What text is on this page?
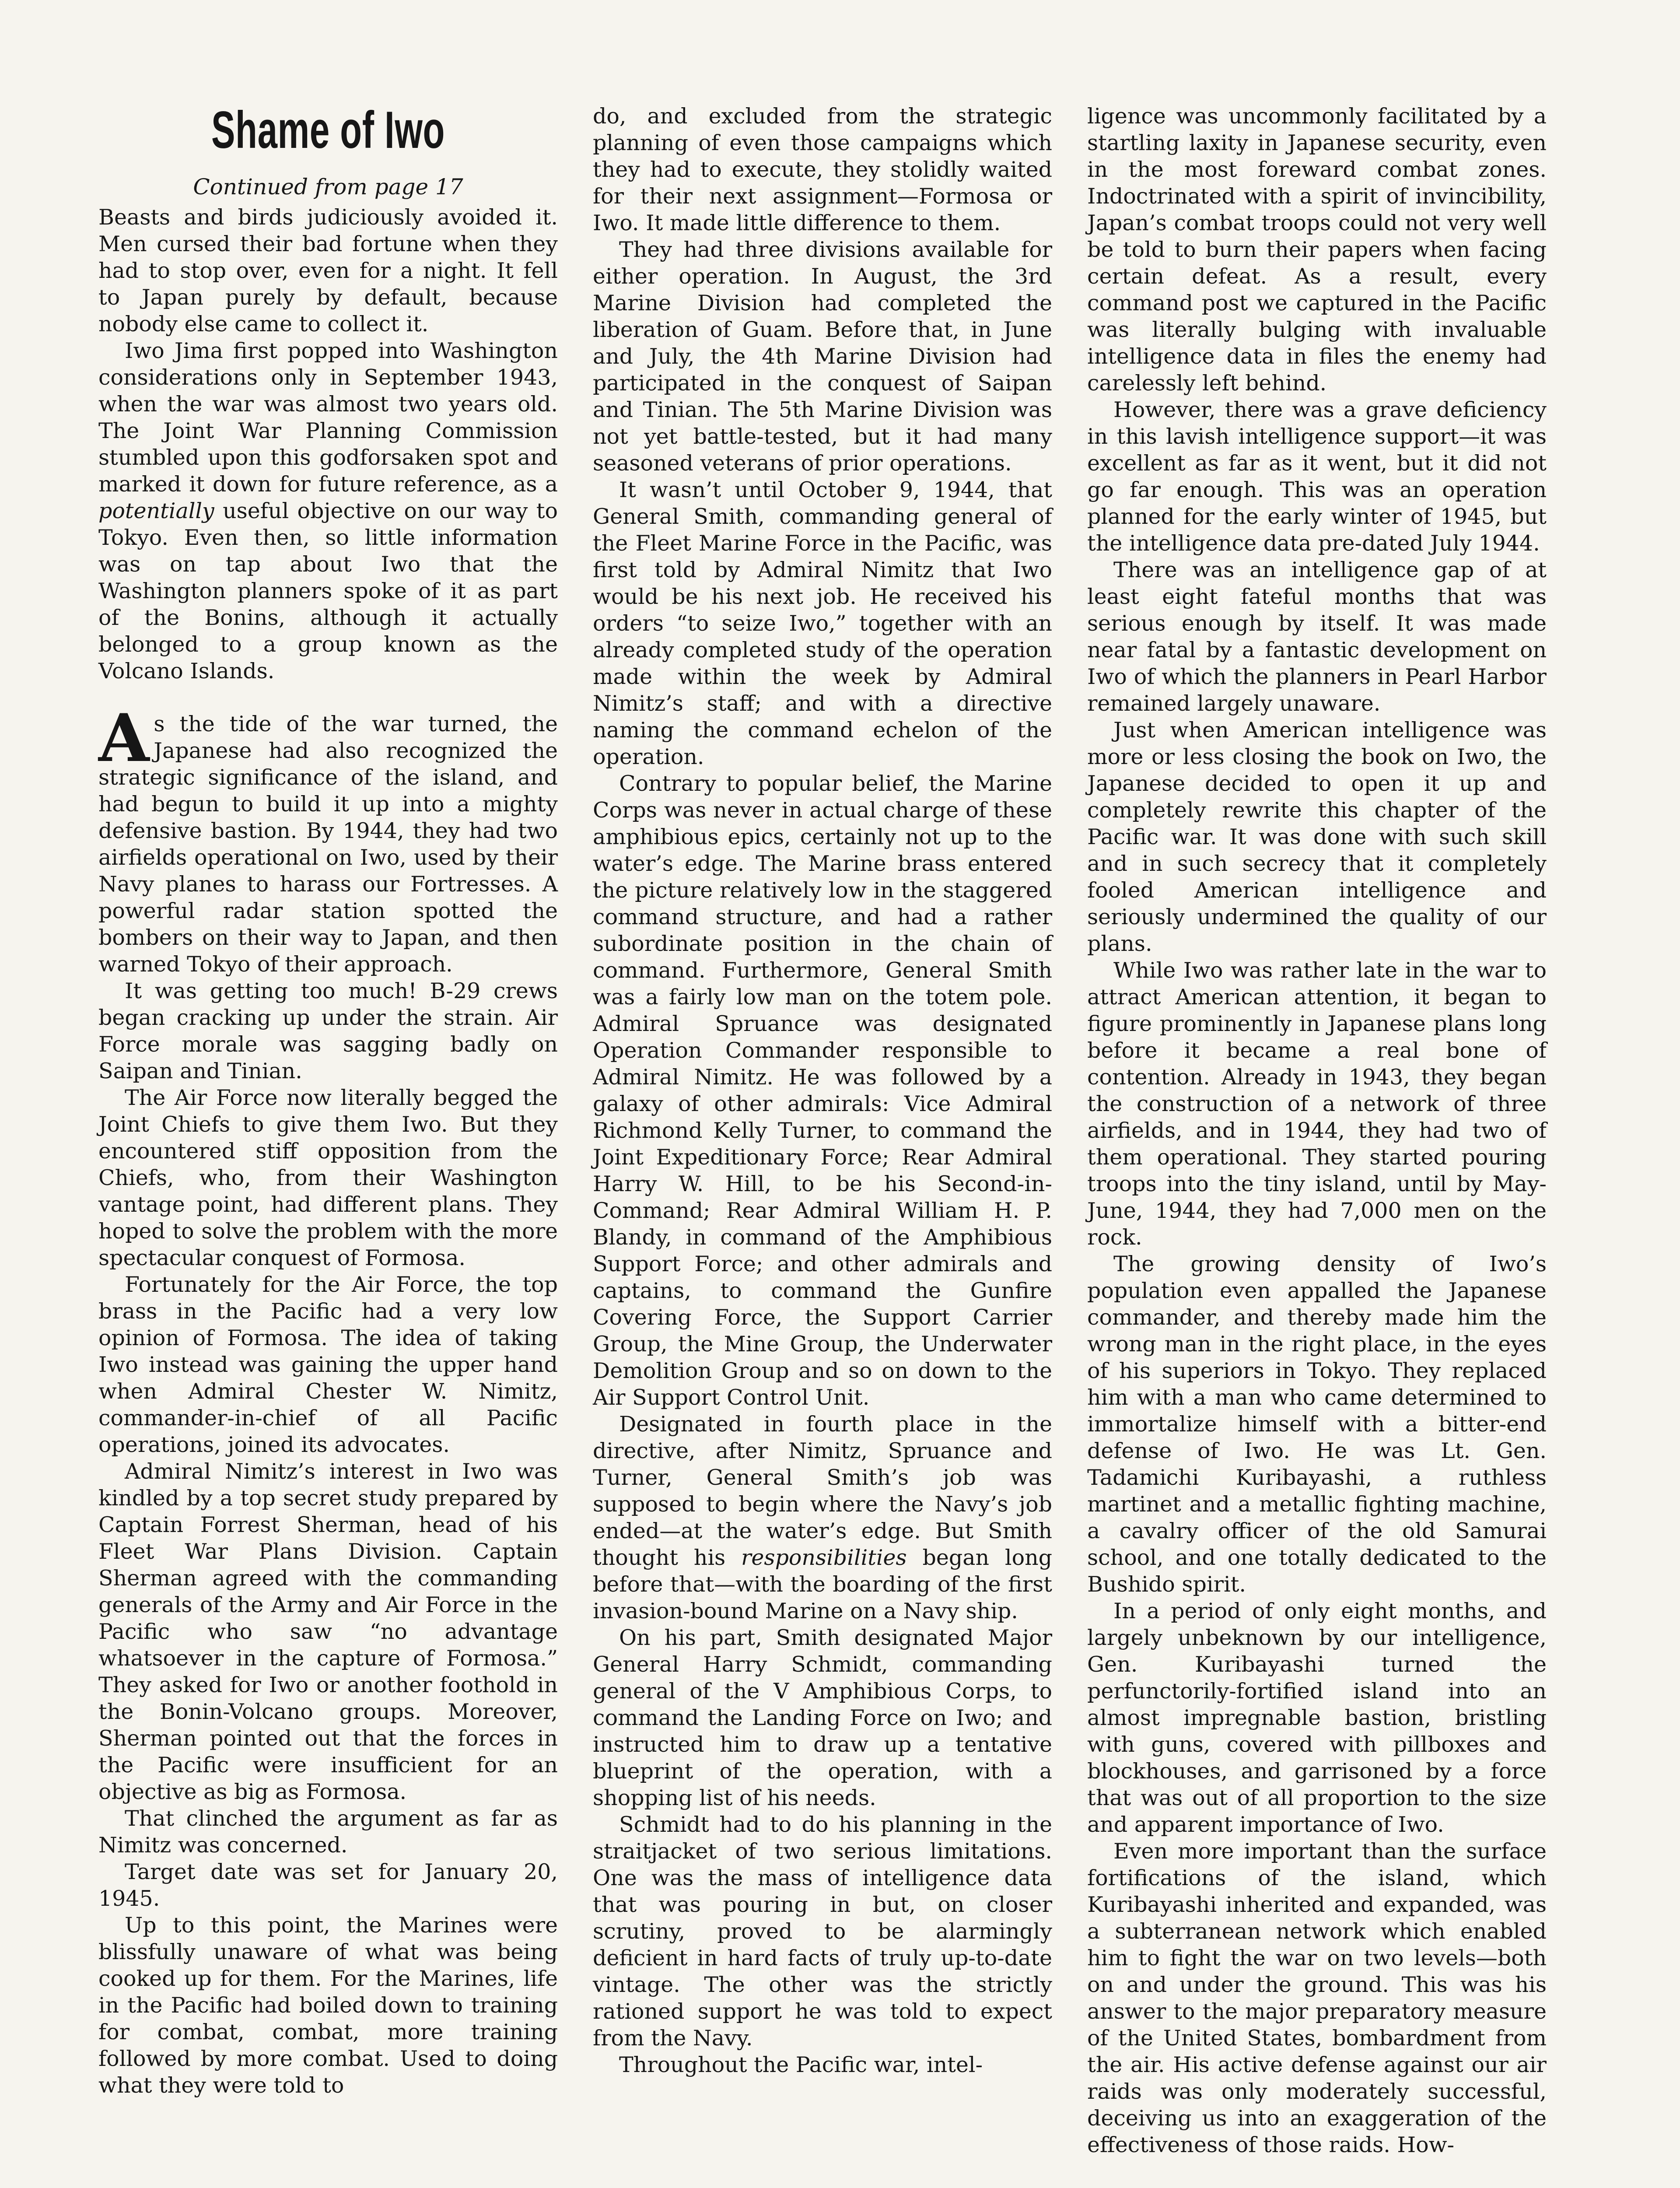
Shame of Iwo
Continued from page 17

Beasts and birds judiciously avoided it. Men cursed their bad fortune when they had to stop over, even for a night. It fell to Japan purely by default, because nobody else came to collect it.

Iwo Jima first popped into Washington considerations only in September 1943, when the war was almost two years old. The Joint War Planning Commission stumbled upon this godforsaken spot and marked it down for future reference, as a potentially useful objective on our way to Tokyo. Even then, so little information was on tap about Iwo that the Washington planners spoke of it as part of the Bonins, although it actually belonged to a group known as the Volcano Islands.

As the tide of the war turned, the Japanese had also recognized the strategic significance of the island, and had begun to build it up into a mighty defensive bastion. By 1944, they had two airfields operational on Iwo, used by their Navy planes to harass our Fortresses. A powerful radar station spotted the bombers on their way to Japan, and then warned Tokyo of their approach.

It was getting too much! B-29 crews began cracking up under the strain. Air Force morale was sagging badly on Saipan and Tinian.

The Air Force now literally begged the Joint Chiefs to give them Iwo. But they encountered stiff opposition from the Chiefs, who, from their Washington vantage point, had different plans. They hoped to solve the problem with the more spectacular conquest of Formosa.

Fortunately for the Air Force, the top brass in the Pacific had a very low opinion of Formosa. The idea of taking Iwo instead was gaining the upper hand when Admiral Chester W. Nimitz, commander-in-chief of all Pacific operations, joined its advocates.

Admiral Nimitz’s interest in Iwo was kindled by a top secret study prepared by Captain Forrest Sherman, head of his Fleet War Plans Division. Captain Sherman agreed with the commanding generals of the Army and Air Force in the Pacific who saw “no advantage whatsoever in the capture of Formosa.” They asked for Iwo or another foothold in the Bonin-Volcano groups. Moreover, Sherman pointed out that the forces in the Pacific were insufficient for an objective as big as Formosa.

That clinched the argument as far as Nimitz was concerned.

Target date was set for January 20, 1945.

Up to this point, the Marines were blissfully unaware of what was being cooked up for them. For the Marines, life in the Pacific had boiled down to training for combat, combat, more training followed by more combat. Used to doing what they were told to

do, and excluded from the strategic planning of even those campaigns which they had to execute, they stolidly waited for their next assignment—Formosa or Iwo. It made little difference to them.

They had three divisions available for either operation. In August, the 3rd Marine Division had completed the liberation of Guam. Before that, in June and July, the 4th Marine Division had participated in the conquest of Saipan and Tinian. The 5th Marine Division was not yet battle-tested, but it had many seasoned veterans of prior operations.

It wasn’t until October 9, 1944, that General Smith, commanding general of the Fleet Marine Force in the Pacific, was first told by Admiral Nimitz that Iwo would be his next job. He received his orders “to seize Iwo,” together with an already completed study of the operation made within the week by Admiral Nimitz’s staff; and with a directive naming the command echelon of the operation.

Contrary to popular belief, the Marine Corps was never in actual charge of these amphibious epics, certainly not up to the water’s edge. The Marine brass entered the picture relatively low in the staggered command structure, and had a rather subordinate position in the chain of command. Furthermore, General Smith was a fairly low man on the totem pole. Admiral Spruance was designated Operation Commander responsible to Admiral Nimitz. He was followed by a galaxy of other admirals: Vice Admiral Richmond Kelly Turner, to command the Joint Expeditionary Force; Rear Admiral Harry W. Hill, to be his Second-in-Command; Rear Admiral William H. P. Blandy, in command of the Amphibious Support Force; and other admirals and captains, to command the Gunfire Covering Force, the Support Carrier Group, the Mine Group, the Underwater Demolition Group and so on down to the Air Support Control Unit.

Designated in fourth place in the directive, after Nimitz, Spruance and Turner, General Smith’s job was supposed to begin where the Navy’s job ended—at the water’s edge. But Smith thought his responsibilities began long before that—with the boarding of the first invasion-bound Marine on a Navy ship.

On his part, Smith designated Major General Harry Schmidt, commanding general of the V Amphibious Corps, to command the Landing Force on Iwo; and instructed him to draw up a tentative blueprint of the operation, with a shopping list of his needs.

Schmidt had to do his planning in the straitjacket of two serious limitations. One was the mass of intelligence data that was pouring in but, on closer scrutiny, proved to be alarmingly deficient in hard facts of truly up-to-date vintage. The other was the strictly rationed support he was told to expect from the Navy.

Throughout the Pacific war, intel-

ligence was uncommonly facilitated by a startling laxity in Japanese security, even in the most foreward combat zones. Indoctrinated with a spirit of invincibility, Japan’s combat troops could not very well be told to burn their papers when facing certain defeat. As a result, every command post we captured in the Pacific was literally bulging with invaluable intelligence data in files the enemy had carelessly left behind.

However, there was a grave deficiency in this lavish intelligence support—it was excellent as far as it went, but it did not go far enough. This was an operation planned for the early winter of 1945, but the intelligence data pre-dated July 1944.

There was an intelligence gap of at least eight fateful months that was serious enough by itself. It was made near fatal by a fantastic development on Iwo of which the planners in Pearl Harbor remained largely unaware.

Just when American intelligence was more or less closing the book on Iwo, the Japanese decided to open it up and completely rewrite this chapter of the Pacific war. It was done with such skill and in such secrecy that it completely fooled American intelligence and seriously undermined the quality of our plans.

While Iwo was rather late in the war to attract American attention, it began to figure prominently in Japanese plans long before it became a real bone of contention. Already in 1943, they began the construction of a network of three airfields, and in 1944, they had two of them operational. They started pouring troops into the tiny island, until by May-June, 1944, they had 7,000 men on the rock.

The growing density of Iwo’s population even appalled the Japanese commander, and thereby made him the wrong man in the right place, in the eyes of his superiors in Tokyo. They replaced him with a man who came determined to immortalize himself with a bitter-end defense of Iwo. He was Lt. Gen. Tadamichi Kuribayashi, a ruthless martinet and a metallic fighting machine, a cavalry officer of the old Samurai school, and one totally dedicated to the Bushido spirit.

In a period of only eight months, and largely unbeknown by our intelligence, Gen. Kuribayashi turned the perfunctorily-fortified island into an almost impregnable bastion, bristling with guns, covered with pillboxes and blockhouses, and garrisoned by a force that was out of all proportion to the size and apparent importance of Iwo.

Even more important than the surface fortifications of the island, which Kuribayashi inherited and expanded, was a subterranean network which enabled him to fight the war on two levels—both on and under the ground. This was his answer to the major preparatory measure of the United States, bombardment from the air. His active defense against our air raids was only moderately successful, deceiving us into an exaggeration of the effectiveness of those raids. How-
